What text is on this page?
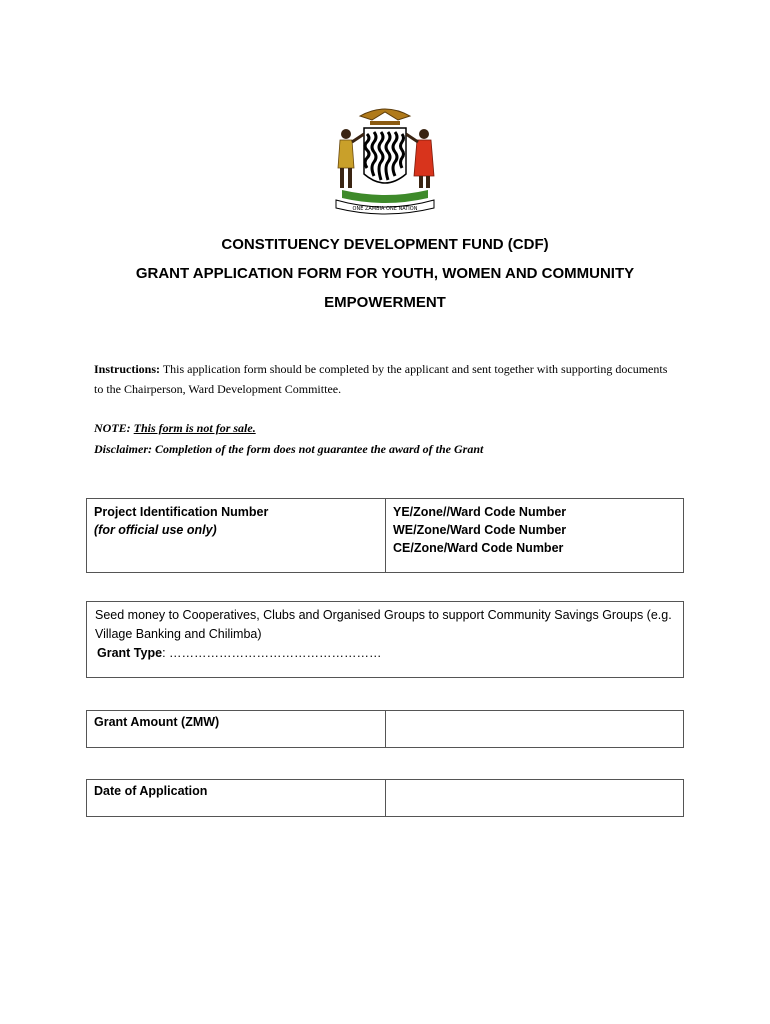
ONE ZAMBIA ONE NATION
CONSTITUENCY DEVELOPMENT FUND (CDF)
GRANT APPLICATION FORM FOR YOUTH, WOMEN AND COMMUNITY
EMPOWERMENT
Instructions: This application form should be completed by the applicant and sent together with supporting documents to the Chairperson, Ward Development Committee.
NOTE: This form is not for sale.
Disclaimer: Completion of the form does not guarantee the award of the Grant
Project Identification Number
(for official use only)
YE/Zone//Ward Code Number
WE/Zone/Ward Code Number
CE/Zone/Ward Code Number
Seed money to Cooperatives, Clubs and Organised Groups to support Community Savings Groups (e.g. Village Banking and Chilimba)
Grant Type: ……………………………………………
Grant Amount (ZMW)
Date of Application
